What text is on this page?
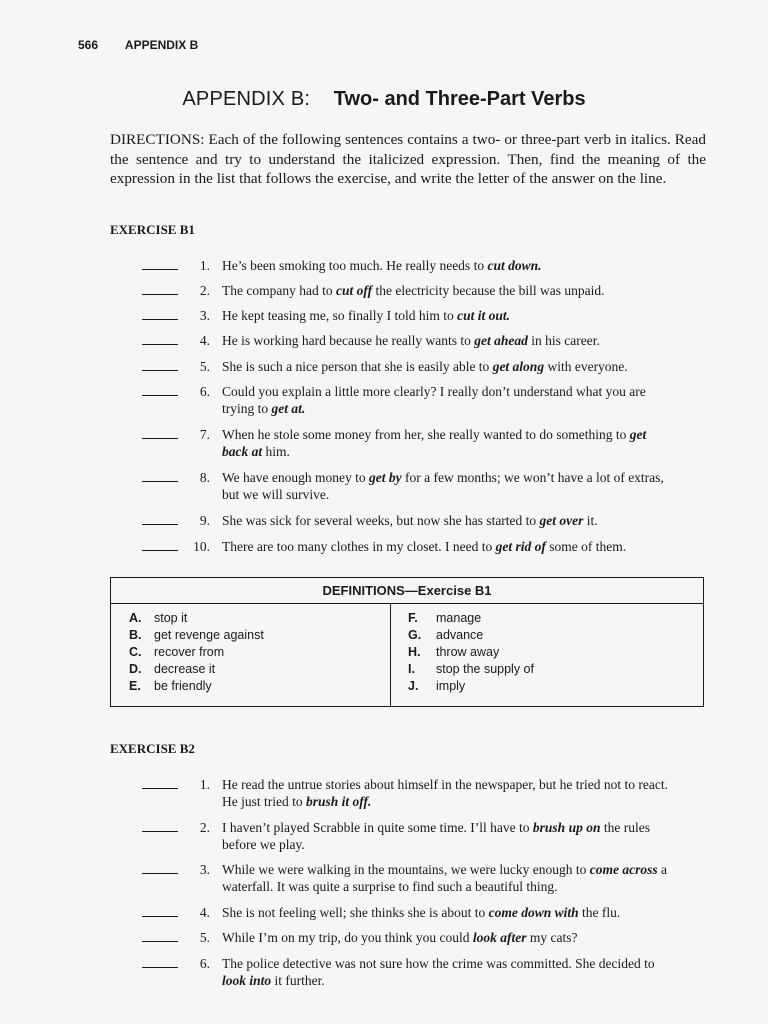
566 APPENDIX B
APPENDIX B: Two- and Three-Part Verbs

DIRECTIONS: Each of the following sentences contains a two- or three-part verb in italics. Read the sentence and try to understand the italicized expression. Then, find the meaning of the expression in the list that follows the exercise, and write the letter of the answer on the line.

EXERCISE B1
1. He’s been smoking too much. He really needs to cut down.
2. The company had to cut off the electricity because the bill was unpaid.
3. He kept teasing me, so finally I told him to cut it out.
4. He is working hard because he really wants to get ahead in his career.
5. She is such a nice person that she is easily able to get along with everyone.
6. Could you explain a little more clearly? I really don’t understand what you are trying to get at.
7. When he stole some money from her, she really wanted to do something to get back at him.
8. We have enough money to get by for a few months; we won’t have a lot of extras, but we will survive.
9. She was sick for several weeks, but now she has started to get over it.
10. There are too many clothes in my closet. I need to get rid of some of them.
DEFINITIONS—Exercise B1
A. stop it
B. get revenge against
C. recover from
D. decrease it
E. be friendly
F. manage
G. advance
H. throw away
I. stop the supply of
J. imply
EXERCISE B2
1. He read the untrue stories about himself in the newspaper, but he tried not to react. He just tried to brush it off.
2. I haven’t played Scrabble in quite some time. I’ll have to brush up on the rules before we play.
3. While we were walking in the mountains, we were lucky enough to come across a waterfall. It was quite a surprise to find such a beautiful thing.
4. She is not feeling well; she thinks she is about to come down with the flu.
5. While I’m on my trip, do you think you could look after my cats?
6. The police detective was not sure how the crime was committed. She decided to look into it further.
